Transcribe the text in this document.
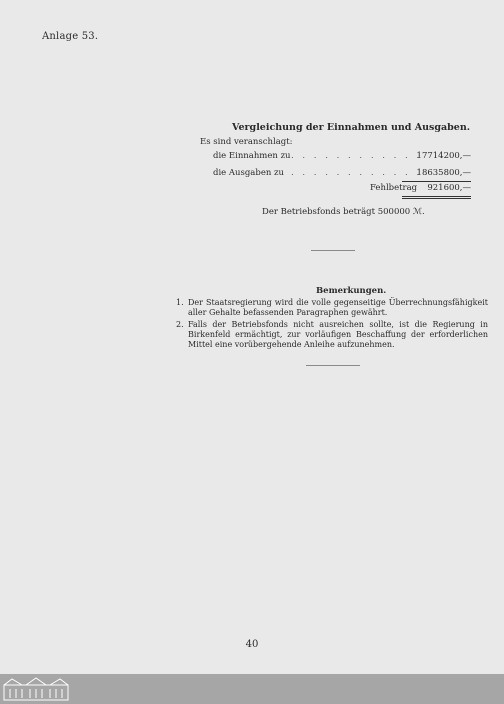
Anlage 53.
Vergleichung der Einnahmen und Ausgaben.
Es sind veranschlagt:
die Einnahmen zu . . . . . . . . . . . .
17714200,—
die Ausgaben zu . . . . . . . . . . . .
18635800,—
Fehlbetrag 921600,—
Der Betriebsfonds beträgt 500000 ℳ.
Bemerkungen.
1. Der Staatsregierung wird die volle gegenseitige Überrechnungsfähigkeit aller Gehalte befassenden Paragraphen gewährt.
2. Falls der Betriebsfonds nicht ausreichen sollte, ist die Regierung in Birkenfeld ermächtigt, zur vorläufigen Beschaffung der erforderlichen Mittel eine vorübergehende Anleihe aufzunehmen.
40
